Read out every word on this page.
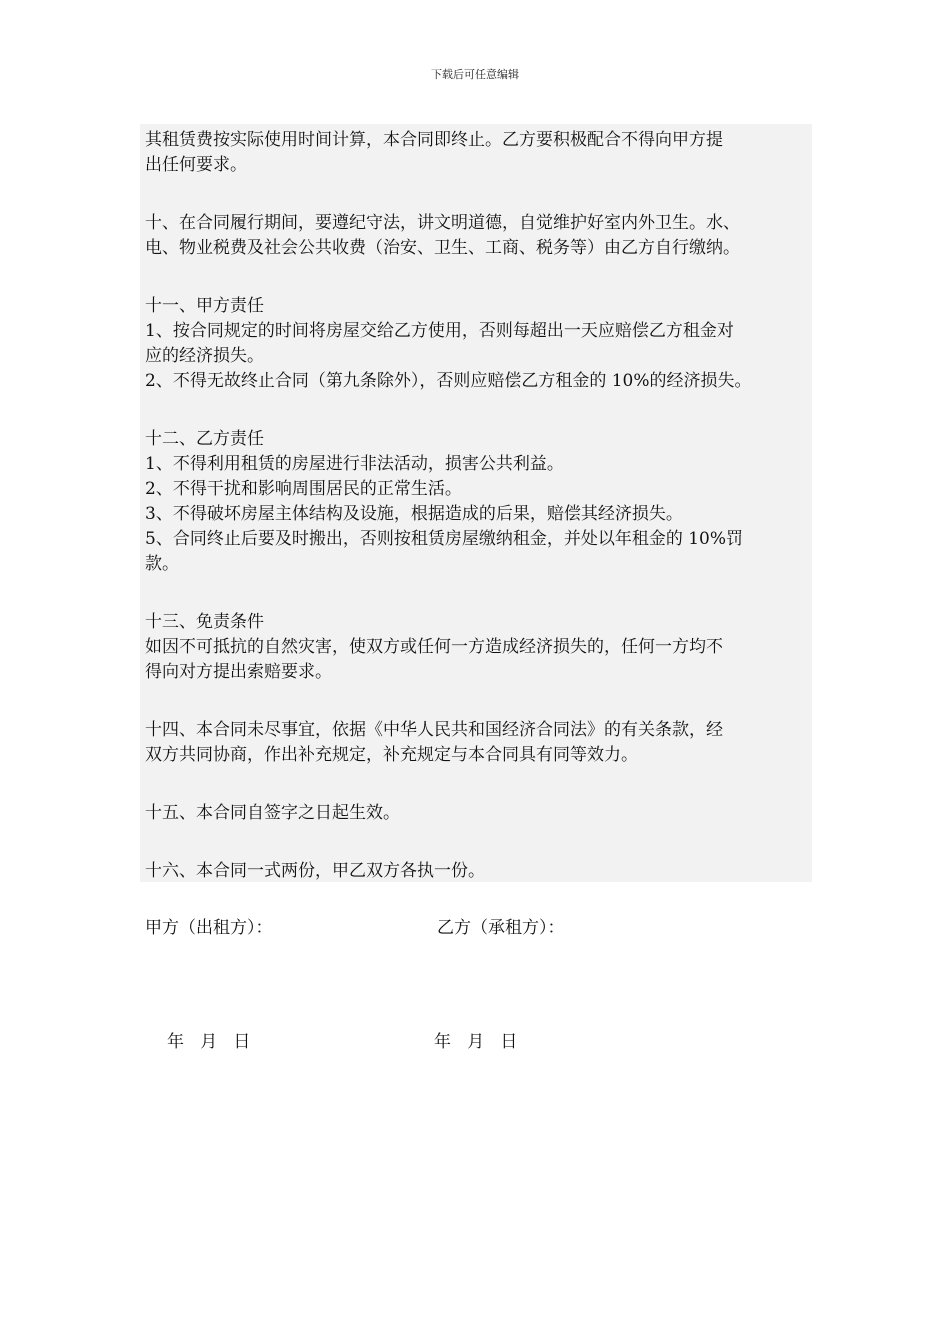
下载后可任意编辑

其租赁费按实际使用时间计算，本合同即终止。乙方要积极配合不得向甲方提

出任何要求。

十、在合同履行期间，要遵纪守法，讲文明道德，自觉维护好室内外卫生。水、

电、物业税费及社会公共收费（治安、卫生、工商、税务等）由乙方自行缴纳。

十一、甲方责任

1、按合同规定的时间将房屋交给乙方使用，否则每超出一天应赔偿乙方租金对

应的经济损失。

2、不得无故终止合同（第九条除外），否则应赔偿乙方租金的 10%的经济损失。

十二、乙方责任

1、不得利用租赁的房屋进行非法活动，损害公共利益。

2、不得干扰和影响周围居民的正常生活。

3、不得破坏房屋主体结构及设施，根据造成的后果，赔偿其经济损失。

5、合同终止后要及时搬出，否则按租赁房屋缴纳租金，并处以年租金的 10%罚

款。

十三、免责条件

如因不可抵抗的自然灾害，使双方或任何一方造成经济损失的，任何一方均不

得向对方提出索赔要求。

十四、本合同未尽事宜，依据《中华人民共和国经济合同法》的有关条款，经

双方共同协商，作出补充规定，补充规定与本合同具有同等效力。

十五、本合同自签字之日起生效。

十六、本合同一式两份，甲乙双方各执一份。

甲方（出租方）：	乙方（承租方）：
年   月   日	年   月   日
